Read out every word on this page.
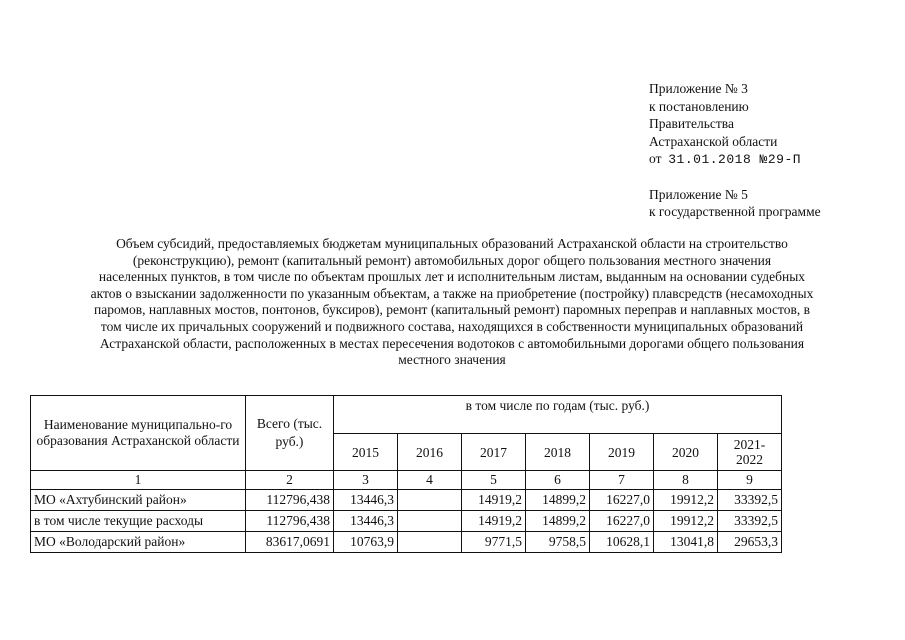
Приложение № 3
к постановлению
Правительства
Астраханской области
от 31.01.2018 №29-П
Приложение № 5
к государственной программе
Объем субсидий, предоставляемых бюджетам муниципальных образований Астраханской области на строительство
(реконструкцию), ремонт (капитальный ремонт) автомобильных дорог общего пользования местного значения
населенных пунктов, в том числе по объектам прошлых лет и исполнительным листам, выданным на основании судебных
актов о взыскании задолженности по указанным объектам, а также на приобретение (постройку) плавсредств (несамоходных
паромов, наплавных мостов, понтонов, буксиров), ремонт (капитальный ремонт) паромных переправ и наплавных мостов, в
том числе их причальных сооружений и подвижного состава, находящихся в собственности муниципальных образований
Астраханской области, расположенных в местах пересечения водотоков с автомобильными дорогами общего пользования
местного значения
Наименование муниципально-го образования Астраханской области	Всего (тыс. руб.)	в том числе по годам (тыс. руб.)						
		2015	2016	2017	2018	2019	2020	2021-2022
1	2	3	4	5	6	7	8	9
МО «Ахтубинский район»	112796,438	13446,3		14919,2	14899,2	16227,0	19912,2	33392,5
в том числе текущие расходы	112796,438	13446,3		14919,2	14899,2	16227,0	19912,2	33392,5
МО «Володарский район»	83617,0691	10763,9		9771,5	9758,5	10628,1	13041,8	29653,3
